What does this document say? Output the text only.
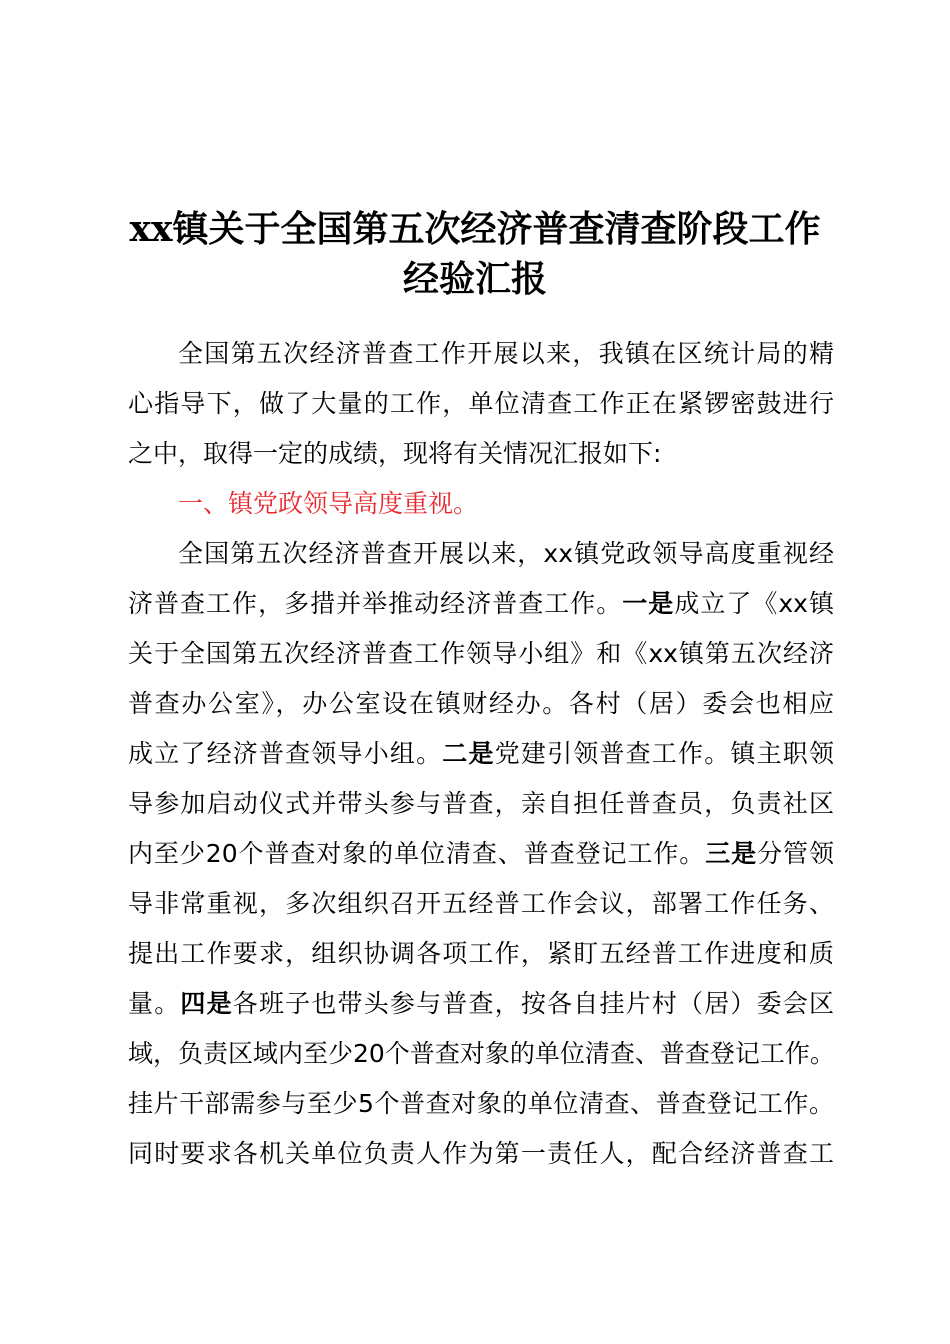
xx镇关于全国第五次经济普查清查阶段工作
经验汇报
全国第五次经济普查工作开展以来，我镇在区统计局的精
心指导下，做了大量的工作，单位清查工作正在紧锣密鼓进行
之中，取得一定的成绩，现将有关情况汇报如下:
一、镇党政领导高度重视。
全国第五次经济普查开展以来，xx镇党政领导高度重视经
济普查工作，多措并举推动经济普查工作。一是成立了《xx镇
关于全国第五次经济普查工作领导小组》和《xx镇第五次经济
普查办公室》，办公室设在镇财经办。各村（居）委会也相应
成立了经济普查领导小组。二是党建引领普查工作。镇主职领
导参加启动仪式并带头参与普查，亲自担任普查员，负责社区
内至少20个普查对象的单位清查、普查登记工作。三是分管领
导非常重视，多次组织召开五经普工作会议，部署工作任务、
提出工作要求，组织协调各项工作，紧盯五经普工作进度和质
量。四是各班子也带头参与普查，按各自挂片村（居）委会区
域，负责区域内至少20个普查对象的单位清查、普查登记工作。
挂片干部需参与至少5个普查对象的单位清查、普查登记工作。
同时要求各机关单位负责人作为第一责任人，配合经济普查工
